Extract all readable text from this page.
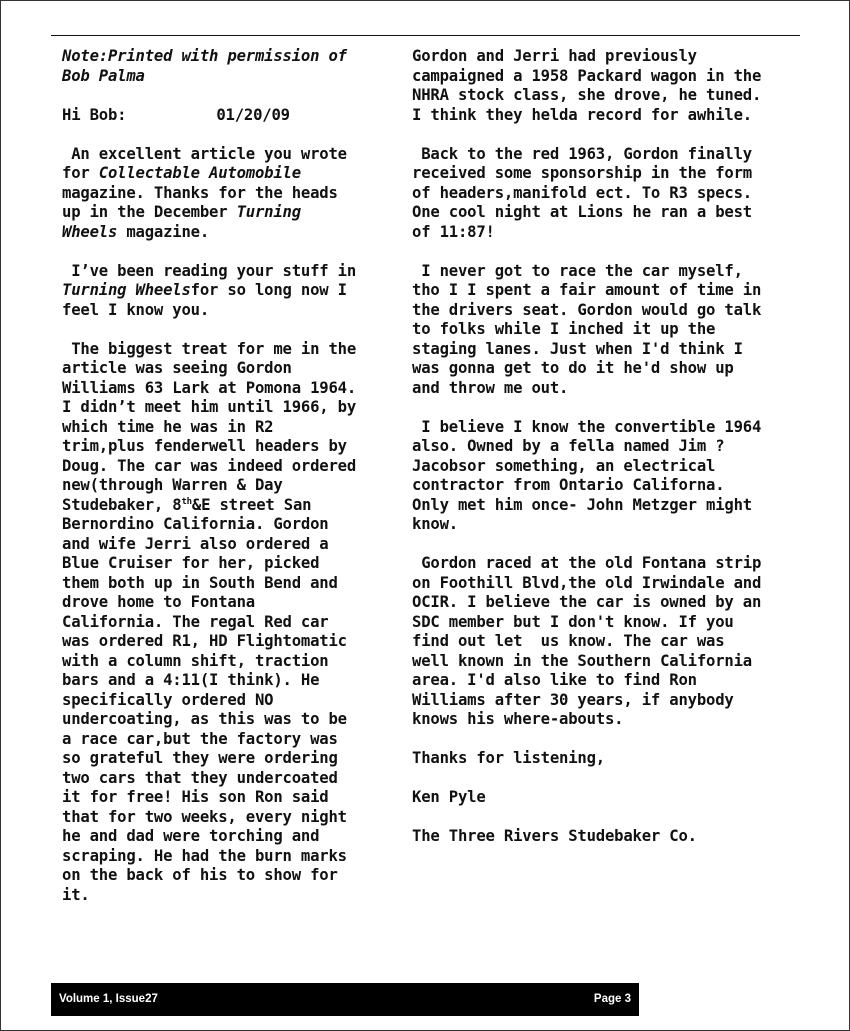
Note:Printed with permission of
Bob Palma
Hi Bob:	01/20/09
An excellent article you wrote
for Collectable Automobile
magazine. Thanks for the heads
up in the December Turning
Wheels magazine.
I’ve been reading your stuff in
Turning Wheelsfor so long now I
feel I know you.
The biggest treat for me in the
article was seeing Gordon
Williams 63 Lark at Pomona 1964.
I didn’t meet him until 1966, by
which time he was in R2
trim,plus fenderwell headers by
Doug. The car was indeed ordered
new(through Warren & Day
Studebaker, 8th&E street San
Bernordino California. Gordon
and wife Jerri also ordered a
Blue Cruiser for her, picked
them both up in South Bend and
drove home to Fontana
California. The regal Red car
was ordered R1, HD Flightomatic
with a column shift, traction
bars and a 4:11(I think). He
specifically ordered NO
undercoating, as this was to be
a race car,but the factory was
so grateful they were ordering
two cars that they undercoated
it for free! His son Ron said
that for two weeks, every night
he and dad were torching and
scraping. He had the burn marks
on the back of his to show for
it.
Gordon and Jerri had previously
campaigned a 1958 Packard wagon in the
NHRA stock class, she drove, he tuned.
I think they helda record for awhile.
Back to the red 1963, Gordon finally
received some sponsorship in the form
of headers,manifold ect. To R3 specs.
One cool night at Lions he ran a best
of 11:87!
I never got to race the car myself,
tho I I spent a fair amount of time in
the drivers seat. Gordon would go talk
to folks while I inched it up the
staging lanes. Just when I'd think I
was gonna get to do it he'd show up
and throw me out.
I believe I know the convertible 1964
also. Owned by a fella named Jim ?
Jacobsor something, an electrical
contractor from Ontario Californa.
Only met him once- John Metzger might
know.
Gordon raced at the old Fontana strip
on Foothill Blvd,the old Irwindale and
OCIR. I believe the car is owned by an
SDC member but I don't know. If you
find out let  us know. The car was
well known in the Southern California
area. I'd also like to find Ron
Williams after 30 years, if anybody
knows his where-abouts.
Thanks for listening,
Ken Pyle
The Three Rivers Studebaker Co.
Volume 1, Issue27	Page 3
